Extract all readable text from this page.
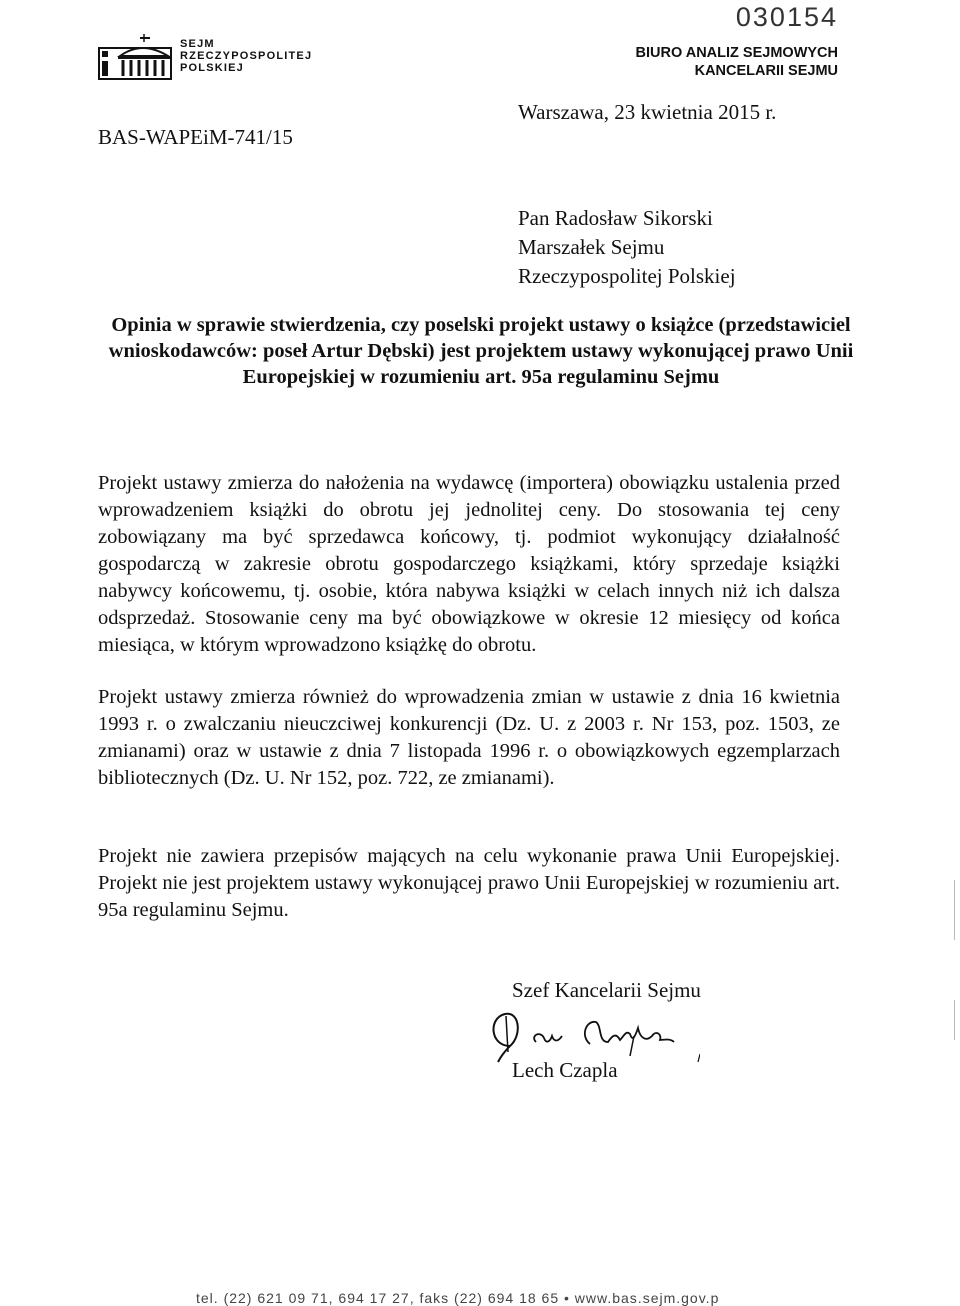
SEJM
RZECZYPOSPOLITEJ
POLSKIEJ
030154
BIURO ANALIZ SEJMOWYCH
KANCELARII SEJMU
Warszawa, 23 kwietnia 2015 r.
BAS-WAPEiM-741/15
Pan Radosław Sikorski
Marszałek Sejmu
Rzeczypospolitej Polskiej
Opinia w sprawie stwierdzenia, czy poselski projekt ustawy o książce (przedstawiciel wnioskodawców: poseł Artur Dębski) jest projektem ustawy wykonującej prawo Unii Europejskiej w rozumieniu art. 95a regulaminu Sejmu

Projekt ustawy zmierza do nałożenia na wydawcę (importera) obowiązku ustalenia przed wprowadzeniem książki do obrotu jej jednolitej ceny. Do stosowania tej ceny zobowiązany ma być sprzedawca końcowy, tj. podmiot wykonujący działalność gospodarczą w zakresie obrotu gospodarczego książkami, który sprzedaje książki nabywcy końcowemu, tj. osobie, która nabywa książki w celach innych niż ich dalsza odsprzedaż. Stosowanie ceny ma być obowiązkowe w okresie 12 miesięcy od końca miesiąca, w którym wprowadzono książkę do obrotu.

Projekt ustawy zmierza również do wprowadzenia zmian w ustawie z dnia 16 kwietnia 1993 r. o zwalczaniu nieuczciwej konkurencji (Dz. U. z 2003 r. Nr 153, poz. 1503, ze zmianami) oraz w ustawie z dnia 7 listopada 1996 r. o obowiązkowych egzemplarzach bibliotecznych (Dz. U. Nr 152, poz. 722, ze zmianami).

Projekt nie zawiera przepisów mających na celu wykonanie prawa Unii Europejskiej. Projekt nie jest projektem ustawy wykonującej prawo Unii Europejskiej w rozumieniu art. 95a regulaminu Sejmu.

Szef Kancelarii Sejmu
Lech Czapla
tel. (22) 621 09 71, 694 17 27, faks (22) 694 18 65 • www.bas.sejm.gov.p
